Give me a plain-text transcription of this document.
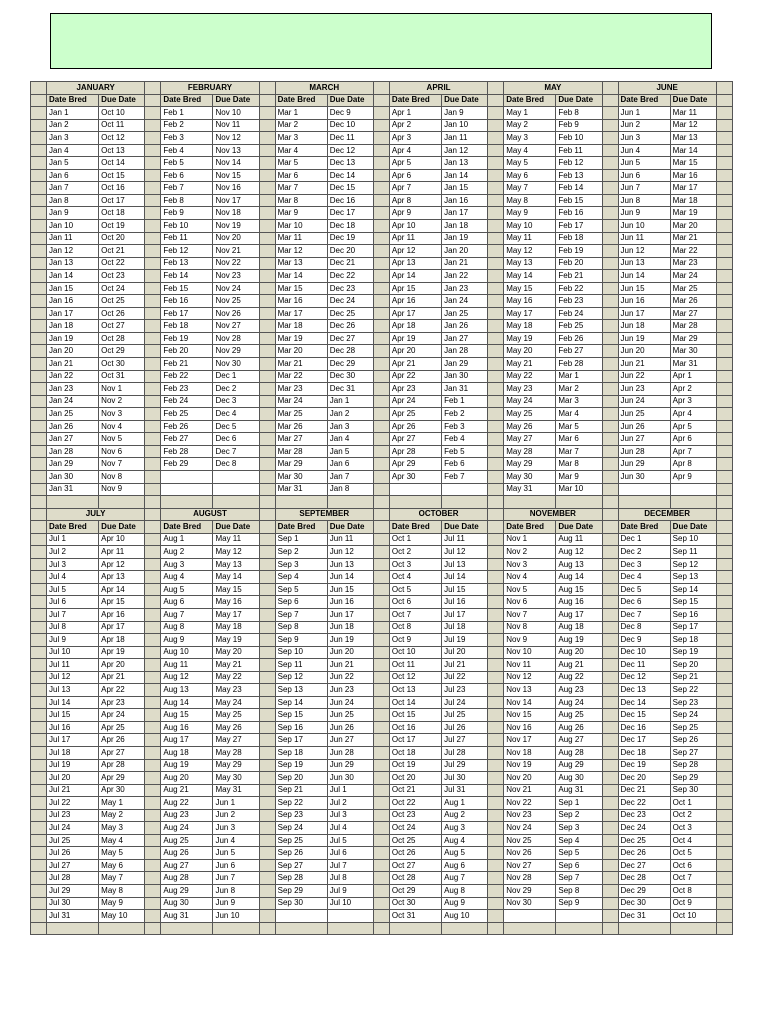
	JANUARY			FEBRUARY			MARCH			APRIL			MAY			JUNE		
	Date Bred	Due Date		Date Bred	Due Date		Date Bred	Due Date		Date Bred	Due Date		Date Bred	Due Date		Date Bred	Due Date	
	Jan 1	Oct 10		Feb 1	Nov 10		Mar 1	Dec 9		Apr 1	Jan 9		May 1	Feb 8		Jun 1	Mar 11	
	Jan 2	Oct 11		Feb 2	Nov 11		Mar 2	Dec 10		Apr 2	Jan 10		May 2	Feb 9		Jun 2	Mar 12	
	Jan 3	Oct 12		Feb 3	Nov 12		Mar 3	Dec 11		Apr 3	Jan 11		May 3	Feb 10		Jun 3	Mar 13	
	Jan 4	Oct 13		Feb 4	Nov 13		Mar 4	Dec 12		Apr 4	Jan 12		May 4	Feb 11		Jun 4	Mar 14	
	Jan 5	Oct 14		Feb 5	Nov 14		Mar 5	Dec 13		Apr 5	Jan 13		May 5	Feb 12		Jun 5	Mar 15	
	Jan 6	Oct 15		Feb 6	Nov 15		Mar 6	Dec 14		Apr 6	Jan 14		May 6	Feb 13		Jun 6	Mar 16	
	Jan 7	Oct 16		Feb 7	Nov 16		Mar 7	Dec 15		Apr 7	Jan 15		May 7	Feb 14		Jun 7	Mar 17	
	Jan 8	Oct 17		Feb 8	Nov 17		Mar 8	Dec 16		Apr 8	Jan 16		May 8	Feb 15		Jun 8	Mar 18	
	Jan 9	Oct 18		Feb 9	Nov 18		Mar 9	Dec 17		Apr 9	Jan 17		May 9	Feb 16		Jun 9	Mar 19	
	Jan 10	Oct 19		Feb 10	Nov 19		Mar 10	Dec 18		Apr 10	Jan 18		May 10	Feb 17		Jun 10	Mar 20	
	Jan 11	Oct 20		Feb 11	Nov 20		Mar 11	Dec 19		Apr 11	Jan 19		May 11	Feb 18		Jun 11	Mar 21	
	Jan 12	Oct 21		Feb 12	Nov 21		Mar 12	Dec 20		Apr 12	Jan 20		May 12	Feb 19		Jun 12	Mar 22	
	Jan 13	Oct 22		Feb 13	Nov 22		Mar 13	Dec 21		Apr 13	Jan 21		May 13	Feb 20		Jun 13	Mar 23	
	Jan 14	Oct 23		Feb 14	Nov 23		Mar 14	Dec 22		Apr 14	Jan 22		May 14	Feb 21		Jun 14	Mar 24	
	Jan 15	Oct 24		Feb 15	Nov 24		Mar 15	Dec 23		Apr 15	Jan 23		May 15	Feb 22		Jun 15	Mar 25	
	Jan 16	Oct 25		Feb 16	Nov 25		Mar 16	Dec 24		Apr 16	Jan 24		May 16	Feb 23		Jun 16	Mar 26	
	Jan 17	Oct 26		Feb 17	Nov 26		Mar 17	Dec 25		Apr 17	Jan 25		May 17	Feb 24		Jun 17	Mar 27	
	Jan 18	Oct 27		Feb 18	Nov 27		Mar 18	Dec 26		Apr 18	Jan 26		May 18	Feb 25		Jun 18	Mar 28	
	Jan 19	Oct 28		Feb 19	Nov 28		Mar 19	Dec 27		Apr 19	Jan 27		May 19	Feb 26		Jun 19	Mar 29	
	Jan 20	Oct 29		Feb 20	Nov 29		Mar 20	Dec 28		Apr 20	Jan 28		May 20	Feb 27		Jun 20	Mar 30	
	Jan 21	Oct 30		Feb 21	Nov 30		Mar 21	Dec 29		Apr 21	Jan 29		May 21	Feb 28		Jun 21	Mar 31	
	Jan 22	Oct 31		Feb 22	Dec 1		Mar 22	Dec 30		Apr 22	Jan 30		May 22	Mar 1		Jun 22	Apr 1	
	Jan 23	Nov 1		Feb 23	Dec 2		Mar 23	Dec 31		Apr 23	Jan 31		May 23	Mar 2		Jun 23	Apr 2	
	Jan 24	Nov 2		Feb 24	Dec 3		Mar 24	Jan 1		Apr 24	Feb 1		May 24	Mar 3		Jun 24	Apr 3	
	Jan 25	Nov 3		Feb 25	Dec 4		Mar 25	Jan 2		Apr 25	Feb 2		May 25	Mar 4		Jun 25	Apr 4	
	Jan 26	Nov 4		Feb 26	Dec 5		Mar 26	Jan 3		Apr 26	Feb 3		May 26	Mar 5		Jun 26	Apr 5	
	Jan 27	Nov 5		Feb 27	Dec 6		Mar 27	Jan 4		Apr 27	Feb 4		May 27	Mar 6		Jun 27	Apr 6	
	Jan 28	Nov 6		Feb 28	Dec 7		Mar 28	Jan 5		Apr 28	Feb 5		May 28	Mar 7		Jun 28	Apr 7	
	Jan 29	Nov 7		Feb 29	Dec 8		Mar 29	Jan 6		Apr 29	Feb 6		May 29	Mar 8		Jun 29	Apr 8	
	Jan 30	Nov 8					Mar 30	Jan 7		Apr 30	Feb 7		May 30	Mar 9		Jun 30	Apr 9	
	Jan 31	Nov 9					Mar 31	Jan 8					May 31	Mar 10				

	JULY			AUGUST			SEPTEMBER			OCTOBER			NOVEMBER			DECEMBER		
	Date Bred	Due Date		Date Bred	Due Date		Date Bred	Due Date		Date Bred	Due Date		Date Bred	Due Date		Date Bred	Due Date	
	Jul 1	Apr 10		Aug 1	May 11		Sep 1	Jun 11		Oct 1	Jul 11		Nov 1	Aug 11		Dec 1	Sep 10	
	Jul 2	Apr 11		Aug 2	May 12		Sep 2	Jun 12		Oct 2	Jul 12		Nov 2	Aug 12		Dec 2	Sep 11	
	Jul 3	Apr 12		Aug 3	May 13		Sep 3	Jun 13		Oct 3	Jul 13		Nov 3	Aug 13		Dec 3	Sep 12	
	Jul 4	Apr 13		Aug 4	May 14		Sep 4	Jun 14		Oct 4	Jul 14		Nov 4	Aug 14		Dec 4	Sep 13	
	Jul 5	Apr 14		Aug 5	May 15		Sep 5	Jun 15		Oct 5	Jul 15		Nov 5	Aug 15		Dec 5	Sep 14	
	Jul 6	Apr 15		Aug 6	May 16		Sep 6	Jun 16		Oct 6	Jul 16		Nov 6	Aug 16		Dec 6	Sep 15	
	Jul 7	Apr 16		Aug 7	May 17		Sep 7	Jun 17		Oct 7	Jul 17		Nov 7	Aug 17		Dec 7	Sep 16	
	Jul 8	Apr 17		Aug 8	May 18		Sep 8	Jun 18		Oct 8	Jul 18		Nov 8	Aug 18		Dec 8	Sep 17	
	Jul 9	Apr 18		Aug 9	May 19		Sep 9	Jun 19		Oct 9	Jul 19		Nov 9	Aug 19		Dec 9	Sep 18	
	Jul 10	Apr 19		Aug 10	May 20		Sep 10	Jun 20		Oct 10	Jul 20		Nov 10	Aug 20		Dec 10	Sep 19	
	Jul 11	Apr 20		Aug 11	May 21		Sep 11	Jun 21		Oct 11	Jul 21		Nov 11	Aug 21		Dec 11	Sep 20	
	Jul 12	Apr 21		Aug 12	May 22		Sep 12	Jun 22		Oct 12	Jul 22		Nov 12	Aug 22		Dec 12	Sep 21	
	Jul 13	Apr 22		Aug 13	May 23		Sep 13	Jun 23		Oct 13	Jul 23		Nov 13	Aug 23		Dec 13	Sep 22	
	Jul 14	Apr 23		Aug 14	May 24		Sep 14	Jun 24		Oct 14	Jul 24		Nov 14	Aug 24		Dec 14	Sep 23	
	Jul 15	Apr 24		Aug 15	May 25		Sep 15	Jun 25		Oct 15	Jul 25		Nov 15	Aug 25		Dec 15	Sep 24	
	Jul 16	Apr 25		Aug 16	May 26		Sep 16	Jun 26		Oct 16	Jul 26		Nov 16	Aug 26		Dec 16	Sep 25	
	Jul 17	Apr 26		Aug 17	May 27		Sep 17	Jun 27		Oct 17	Jul 27		Nov 17	Aug 27		Dec 17	Sep 26	
	Jul 18	Apr 27		Aug 18	May 28		Sep 18	Jun 28		Oct 18	Jul 28		Nov 18	Aug 28		Dec 18	Sep 27	
	Jul 19	Apr 28		Aug 19	May 29		Sep 19	Jun 29		Oct 19	Jul 29		Nov 19	Aug 29		Dec 19	Sep 28	
	Jul 20	Apr 29		Aug 20	May 30		Sep 20	Jun 30		Oct 20	Jul 30		Nov 20	Aug 30		Dec 20	Sep 29	
	Jul 21	Apr 30		Aug 21	May 31		Sep 21	Jul 1		Oct 21	Jul 31		Nov 21	Aug 31		Dec 21	Sep 30	
	Jul 22	May 1		Aug 22	Jun 1		Sep 22	Jul 2		Oct 22	Aug 1		Nov 22	Sep 1		Dec 22	Oct 1	
	Jul 23	May 2		Aug 23	Jun 2		Sep 23	Jul 3		Oct 23	Aug 2		Nov 23	Sep 2		Dec 23	Oct 2	
	Jul 24	May 3		Aug 24	Jun 3		Sep 24	Jul 4		Oct 24	Aug 3		Nov 24	Sep 3		Dec 24	Oct 3	
	Jul 25	May 4		Aug 25	Jun 4		Sep 25	Jul 5		Oct 25	Aug 4		Nov 25	Sep 4		Dec 25	Oct 4	
	Jul 26	May 5		Aug 26	Jun 5		Sep 26	Jul 6		Oct 26	Aug 5		Nov 26	Sep 5		Dec 26	Oct 5	
	Jul 27	May 6		Aug 27	Jun 6		Sep 27	Jul 7		Oct 27	Aug 6		Nov 27	Sep 6		Dec 27	Oct 6	
	Jul 28	May 7		Aug 28	Jun 7		Sep 28	Jul 8		Oct 28	Aug 7		Nov 28	Sep 7		Dec 28	Oct 7	
	Jul 29	May 8		Aug 29	Jun 8		Sep 29	Jul 9		Oct 29	Aug 8		Nov 29	Sep 8		Dec 29	Oct 8	
	Jul 30	May 9		Aug 30	Jun 9		Sep 30	Jul 10		Oct 30	Aug 9		Nov 30	Sep 9		Dec 30	Oct 9	
	Jul 31	May 10		Aug 31	Jun 10					Oct 31	Aug 10					Dec 31	Oct 10	
